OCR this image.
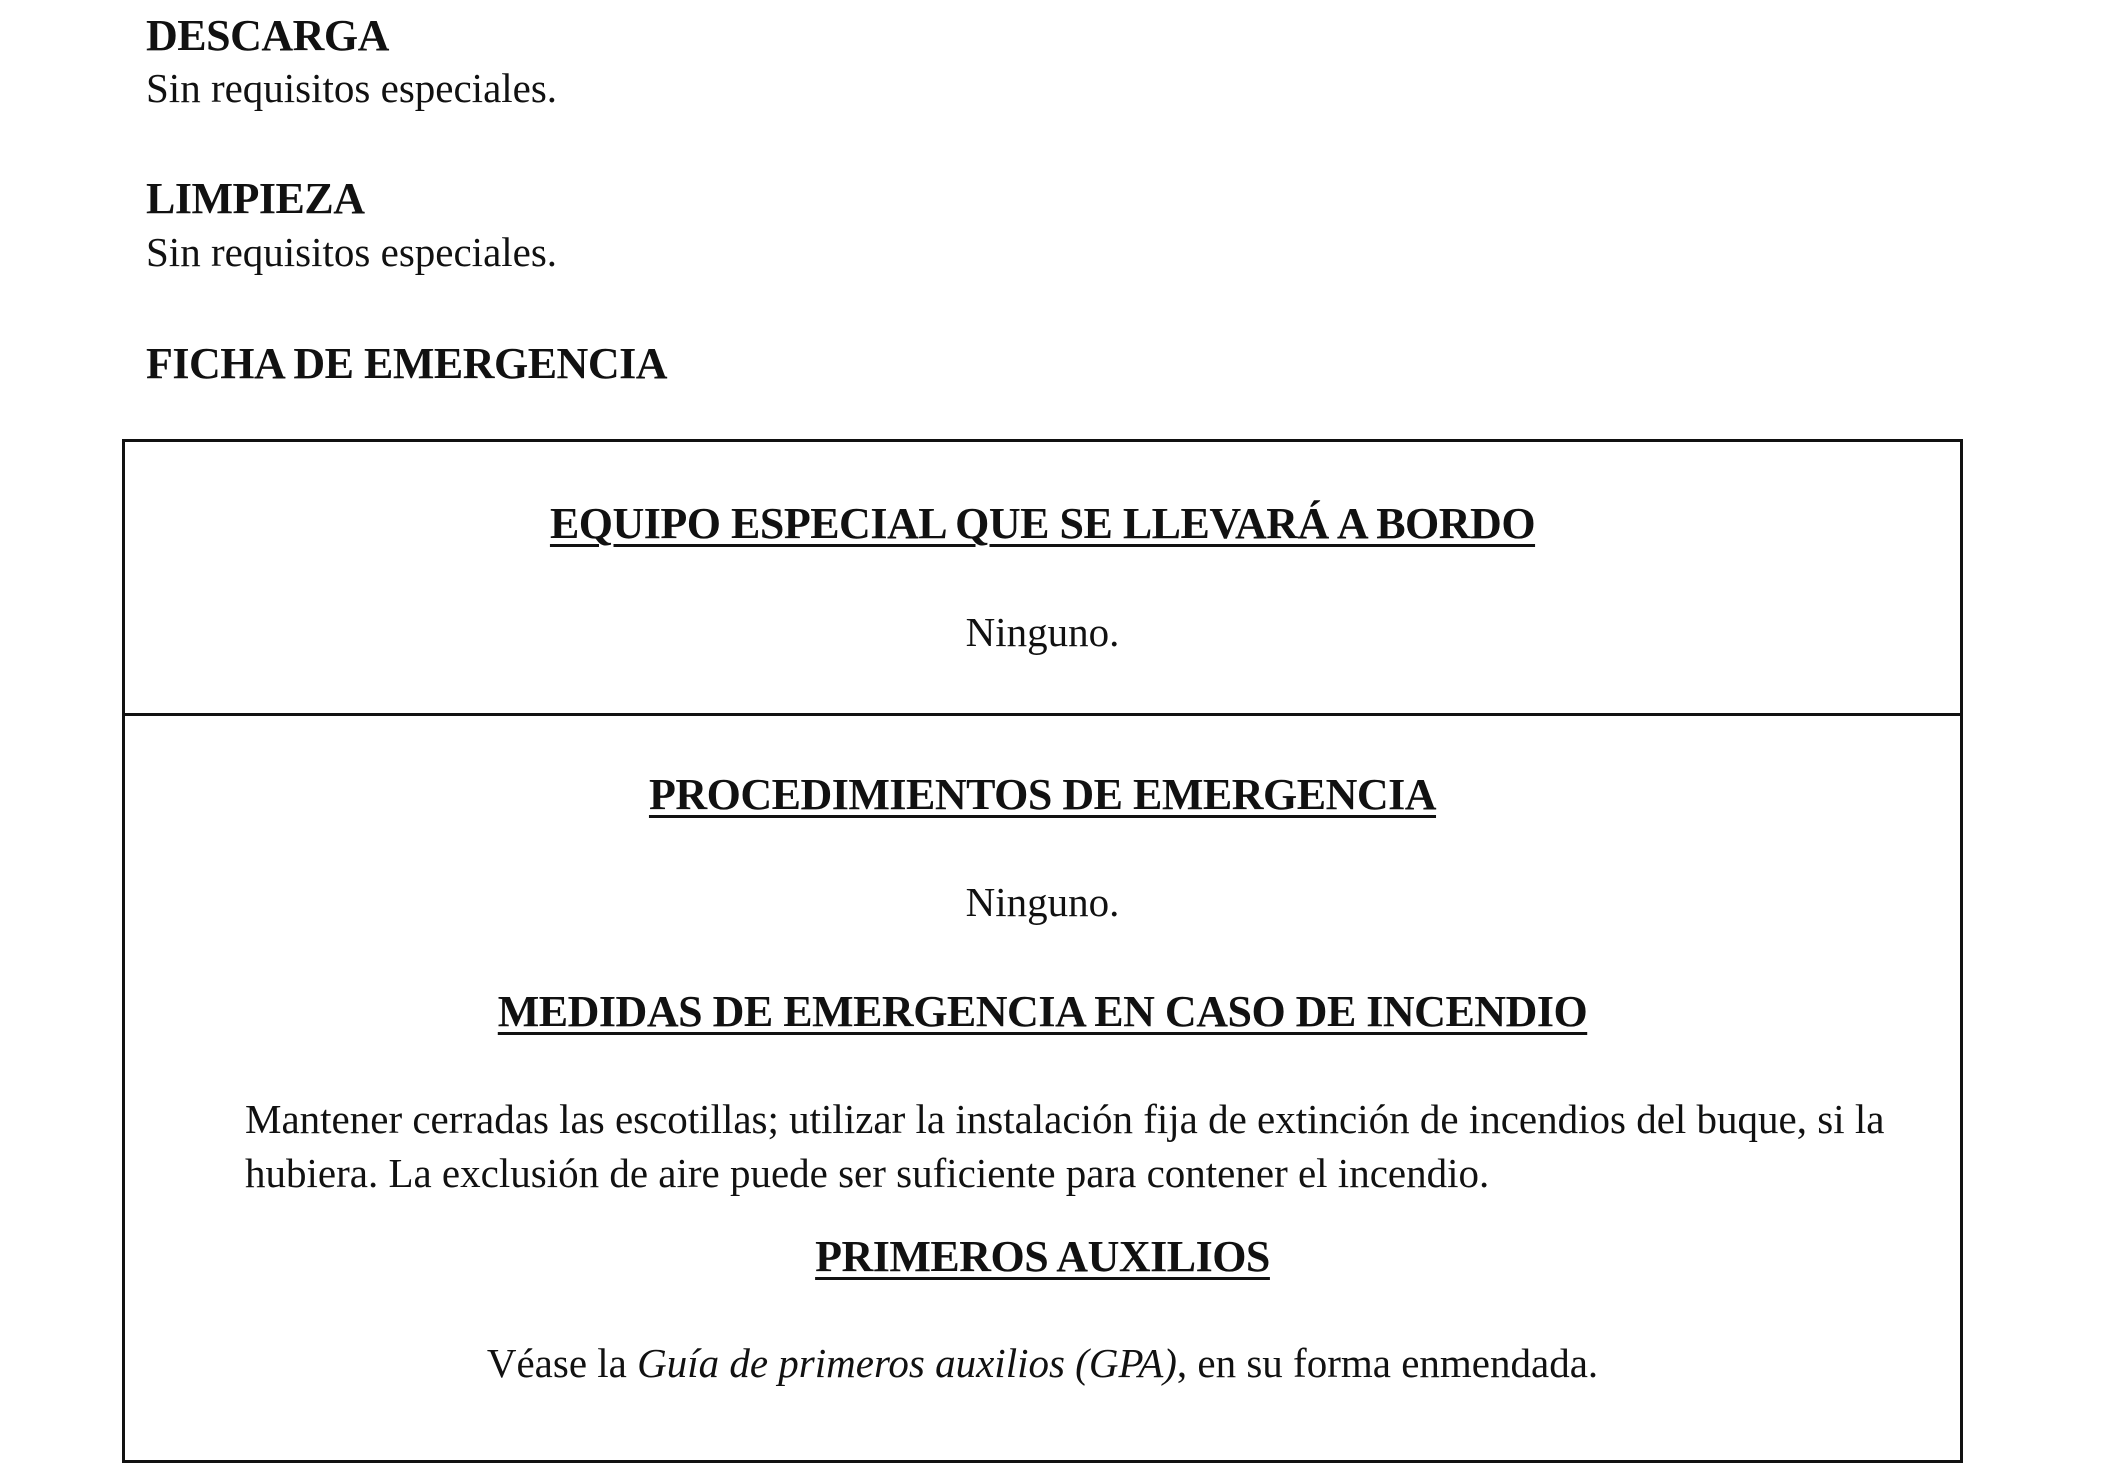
DESCARGA

Sin requisitos especiales.

LIMPIEZA

Sin requisitos especiales.

FICHA DE EMERGENCIA
EQUIPO ESPECIAL QUE SE LLEVARÁ A BORDO

Ninguno.

PROCEDIMIENTOS DE EMERGENCIA

Ninguno.

MEDIDAS DE EMERGENCIA EN CASO DE INCENDIO

Mantener cerradas las escotillas; utilizar la instalación fija de extinción de incendios del buque, si la hubiera. La exclusión de aire puede ser suficiente para contener el incendio.

PRIMEROS AUXILIOS

Véase la Guía de primeros auxilios (GPA), en su forma enmendada.
